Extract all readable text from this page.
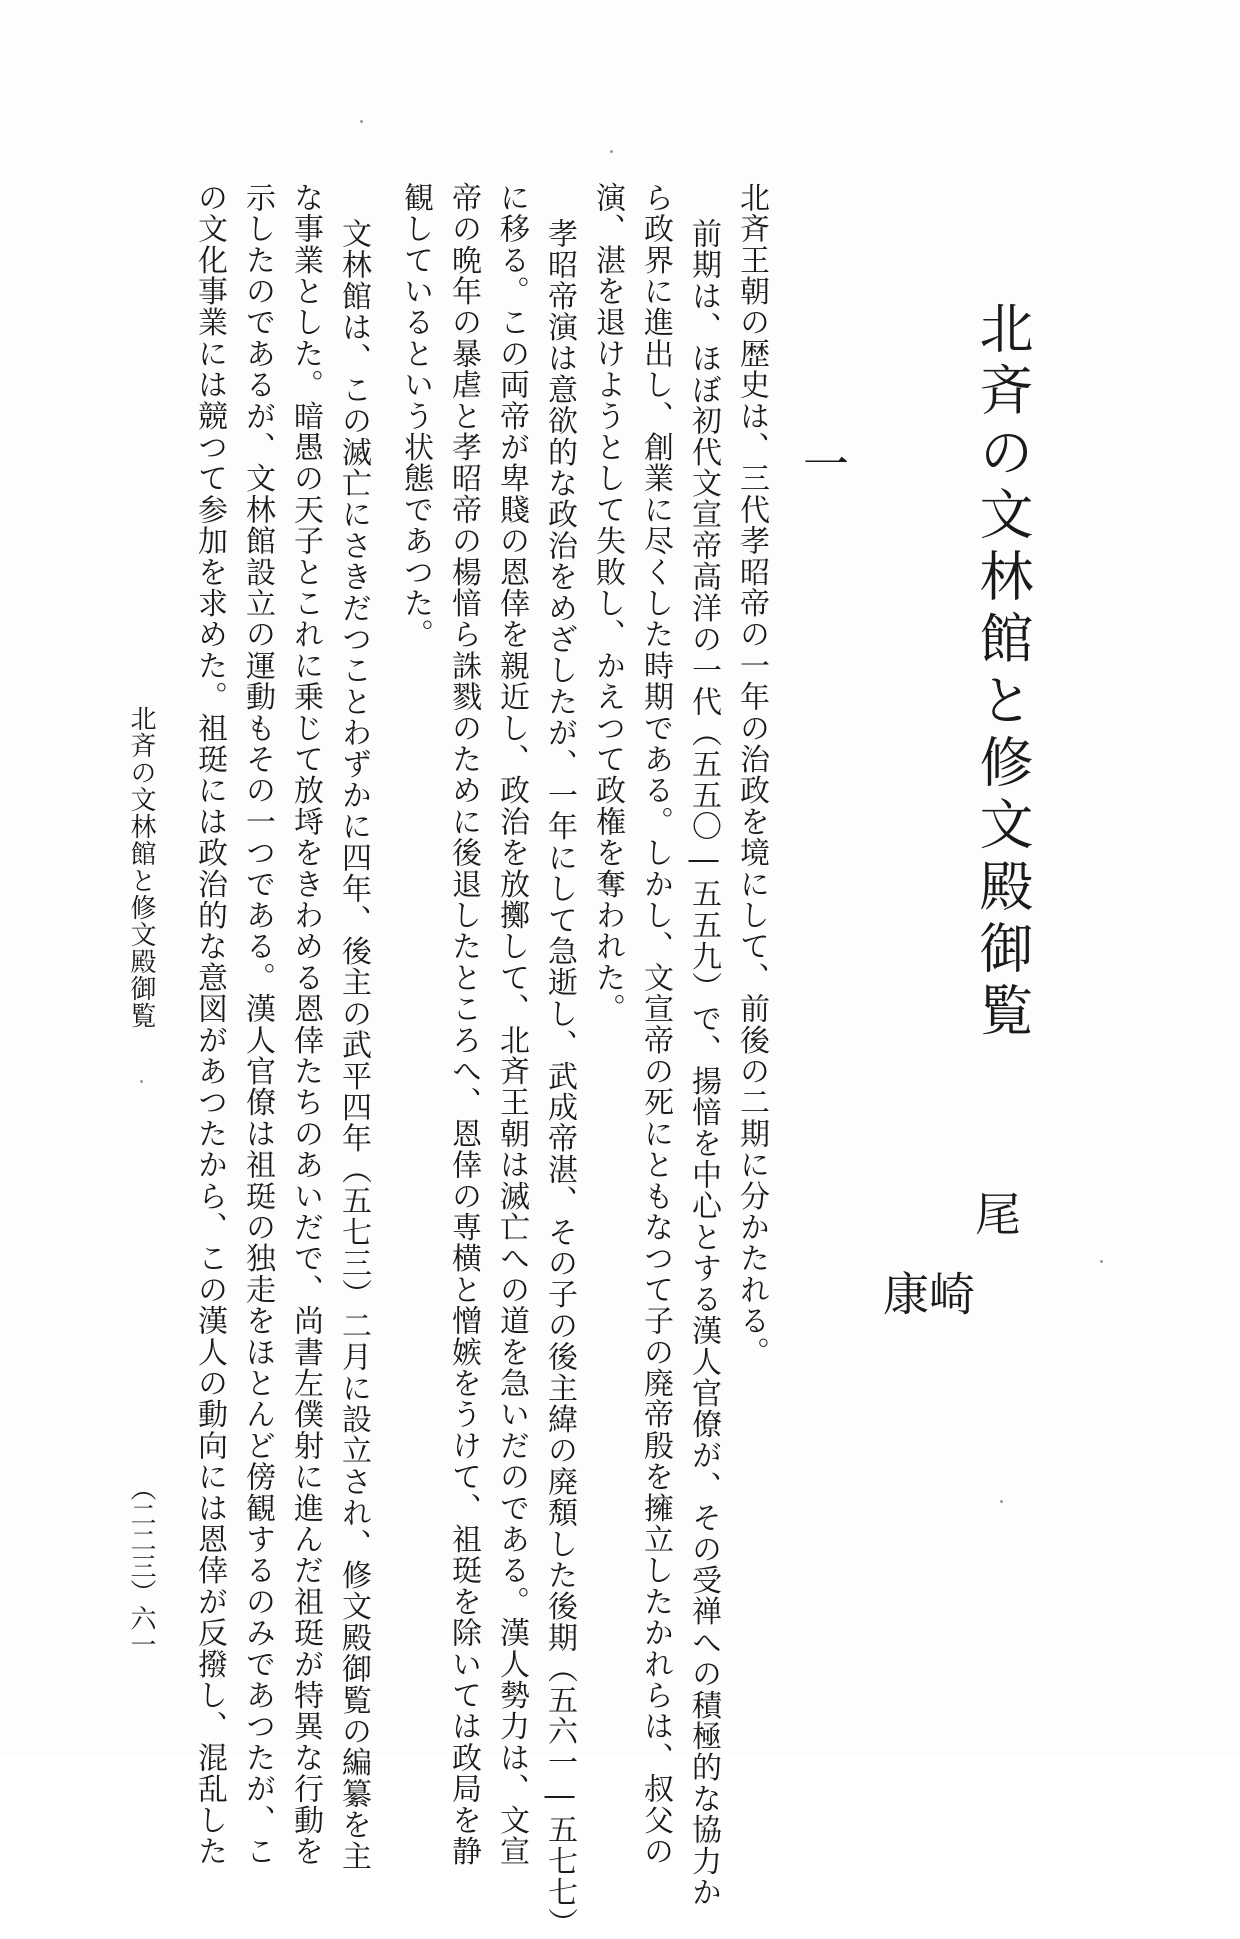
北斉の文林館と修文殿御覧
一
尾
崎
康
北斉王朝の歴史は、三代孝昭帝の一年の治政を境にして、前後の二期に分かたれる。
前期は、ほぼ初代文宣帝高洋の一代（五五〇―五五九）で、揚愔を中心とする漢人官僚が、その受禅への積極的な協力か
ら政界に進出し、創業に尽くした時期である。しかし、文宣帝の死にともなつて子の廃帝殷を擁立したかれらは、叔父の
演、湛を退けようとして失敗し、かえつて政権を奪われた。
孝昭帝演は意欲的な政治をめざしたが、一年にして急逝し、武成帝湛、その子の後主緯の廃頽した後期（五六一―五七七）
に移る。この両帝が卑賤の恩倖を親近し、政治を放擲して、北斉王朝は滅亡への道を急いだのである。漢人勢力は、文宣
帝の晩年の暴虐と孝昭帝の楊愔ら誅戮のために後退したところへ、恩倖の専横と憎嫉をうけて、祖珽を除いては政局を静
観しているという状態であつた。
文林館は、この滅亡にさきだつことわずかに四年、後主の武平四年（五七三）二月に設立され、修文殿御覧の編纂を主
な事業とした。暗愚の天子とこれに乗じて放埓をきわめる恩倖たちのあいだで、尚書左僕射に進んだ祖珽が特異な行動を
示したのであるが、文林館設立の運動もその一つである。漢人官僚は祖珽の独走をほとんど傍観するのみであつたが、こ
の文化事業には競つて参加を求めた。祖珽には政治的な意図があつたから、この漢人の動向には恩倖が反撥し、混乱した
北斉の文林館と修文殿御覧
（二二三）
六一
